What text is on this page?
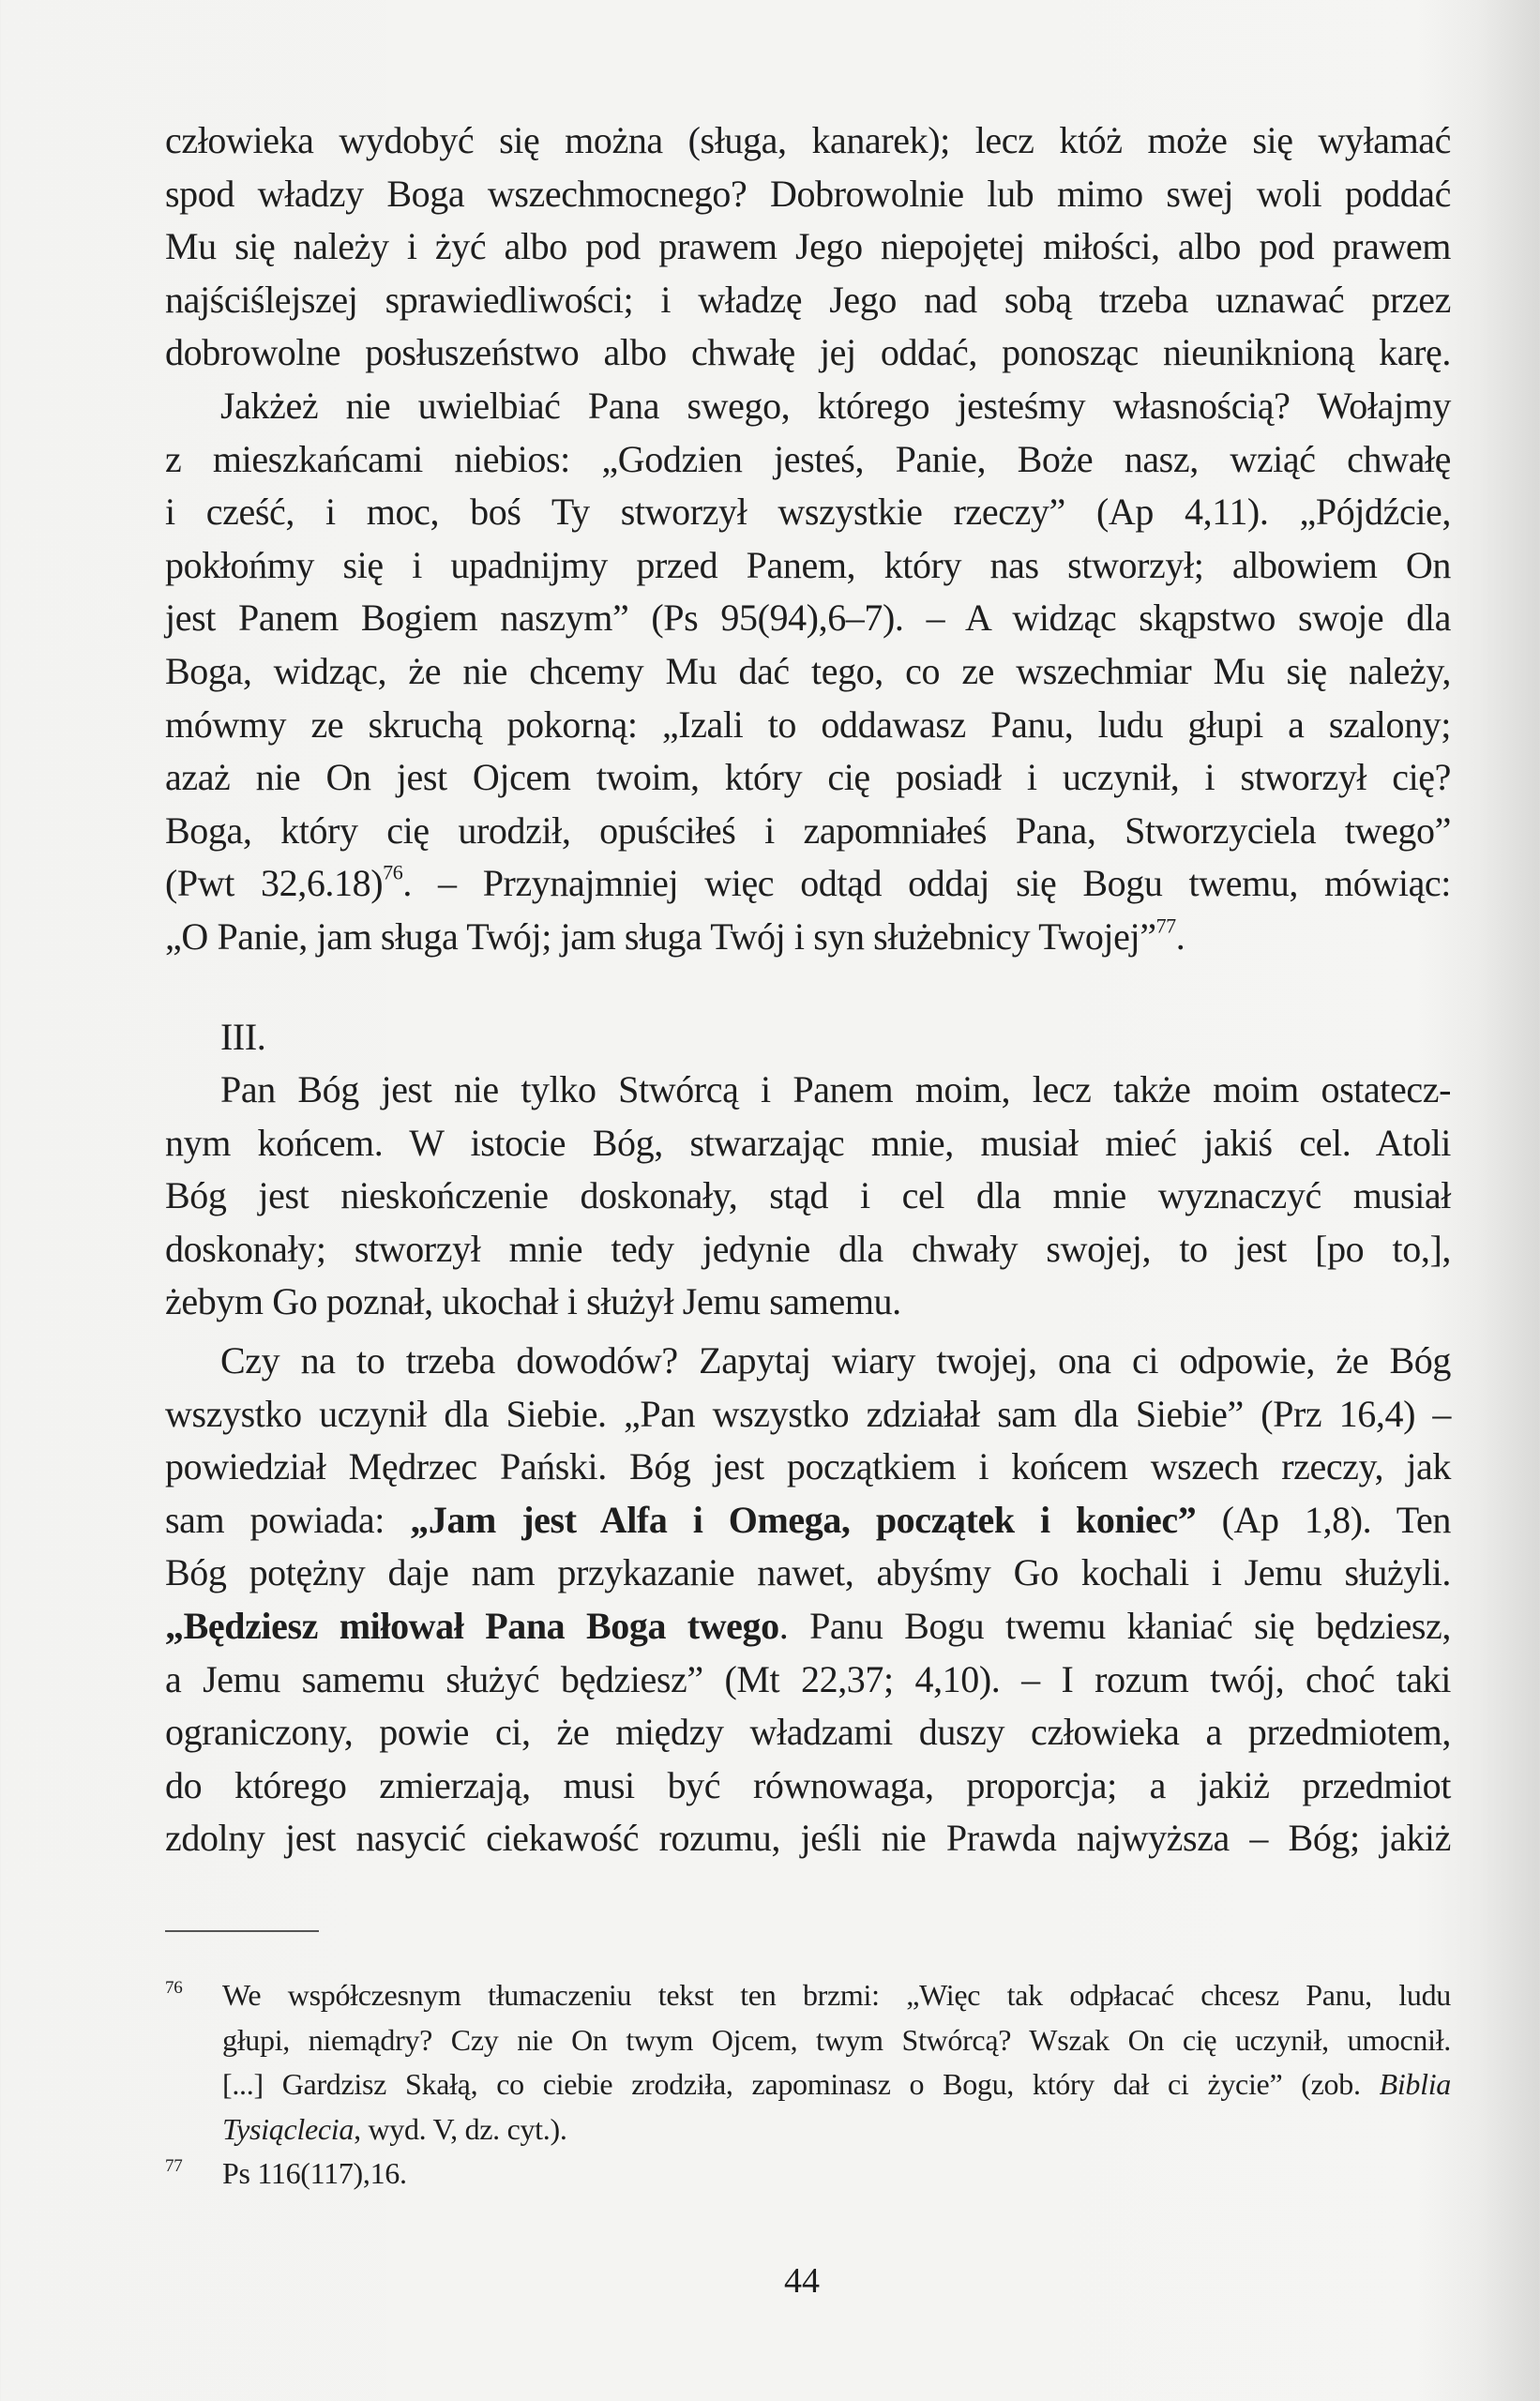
człowieka wydobyć się można (sługa, kanarek); lecz któż może się wyłamać
spod władzy Boga wszechmocnego? Dobrowolnie lub mimo swej woli poddać
Mu się należy i żyć albo pod prawem Jego niepojętej miłości, albo pod prawem
najściślejszej sprawiedliwości; i władzę Jego nad sobą trzeba uznawać przez
dobrowolne posłuszeństwo albo chwałę jej oddać, ponosząc nieuniknioną karę.
Jakżeż nie uwielbiać Pana swego, którego jesteśmy własnością? Wołajmy
z mieszkańcami niebios: „Godzien jesteś, Panie, Boże nasz, wziąć chwałę
i cześć, i moc, boś Ty stworzył wszystkie rzeczy” (Ap 4,11). „Pójdźcie,
pokłońmy się i upadnijmy przed Panem, który nas stworzył; albowiem On
jest Panem Bogiem naszym” (Ps 95(94),6–7). – A widząc skąpstwo swoje dla
Boga, widząc, że nie chcemy Mu dać tego, co ze wszechmiar Mu się należy,
mówmy ze skruchą pokorną: „Izali to oddawasz Panu, ludu głupi a szalony;
azaż nie On jest Ojcem twoim, który cię posiadł i uczynił, i stworzył cię?
Boga, który cię urodził, opuściłeś i zapomniałeś Pana, Stworzyciela twego”
(Pwt 32,6.18)$^{76}$. – Przynajmniej więc odtąd oddaj się Bogu twemu, mówiąc:
„O Panie, jam sługa Twój; jam sługa Twój i syn służebnicy Twojej”$^{77}$.
III.
Pan Bóg jest nie tylko Stwórcą i Panem moim, lecz także moim ostatecz-
nym końcem. W istocie Bóg, stwarzając mnie, musiał mieć jakiś cel. Atoli
Bóg jest nieskończenie doskonały, stąd i cel dla mnie wyznaczyć musiał
doskonały; stworzył mnie tedy jedynie dla chwały swojej, to jest [po to,],
żebym Go poznał, ukochał i służył Jemu samemu.
Czy na to trzeba dowodów? Zapytaj wiary twojej, ona ci odpowie, że Bóg
wszystko uczynił dla Siebie. „Pan wszystko zdziałał sam dla Siebie” (Prz 16,4) –
powiedział Mędrzec Pański. Bóg jest początkiem i końcem wszech rzeczy, jak
sam powiada: „Jam jest Alfa i Omega, początek i koniec” (Ap 1,8). Ten
Bóg potężny daje nam przykazanie nawet, abyśmy Go kochali i Jemu służyli.
„Będziesz miłował Pana Boga twego. Panu Bogu twemu kłaniać się będziesz,
a Jemu samemu służyć będziesz” (Mt 22,37; 4,10). – I rozum twój, choć taki
ograniczony, powie ci, że między władzami duszy człowieka a przedmiotem,
do którego zmierzają, musi być równowaga, proporcja; a jakiż przedmiot
zdolny jest nasycić ciekawość rozumu, jeśli nie Prawda najwyższa – Bóg; jakiż
76 We współczesnym tłumaczeniu tekst ten brzmi: „Więc tak odpłacać chcesz Panu, ludu
głupi, niemądry? Czy nie On twym Ojcem, twym Stwórcą? Wszak On cię uczynił, umocnił.
[...] Gardzisz Skałą, co ciebie zrodziła, zapominasz o Bogu, który dał ci życie” (zob. Biblia
Tysiąclecia, wyd. V, dz. cyt.).
77 Ps 116(117),16.
44
